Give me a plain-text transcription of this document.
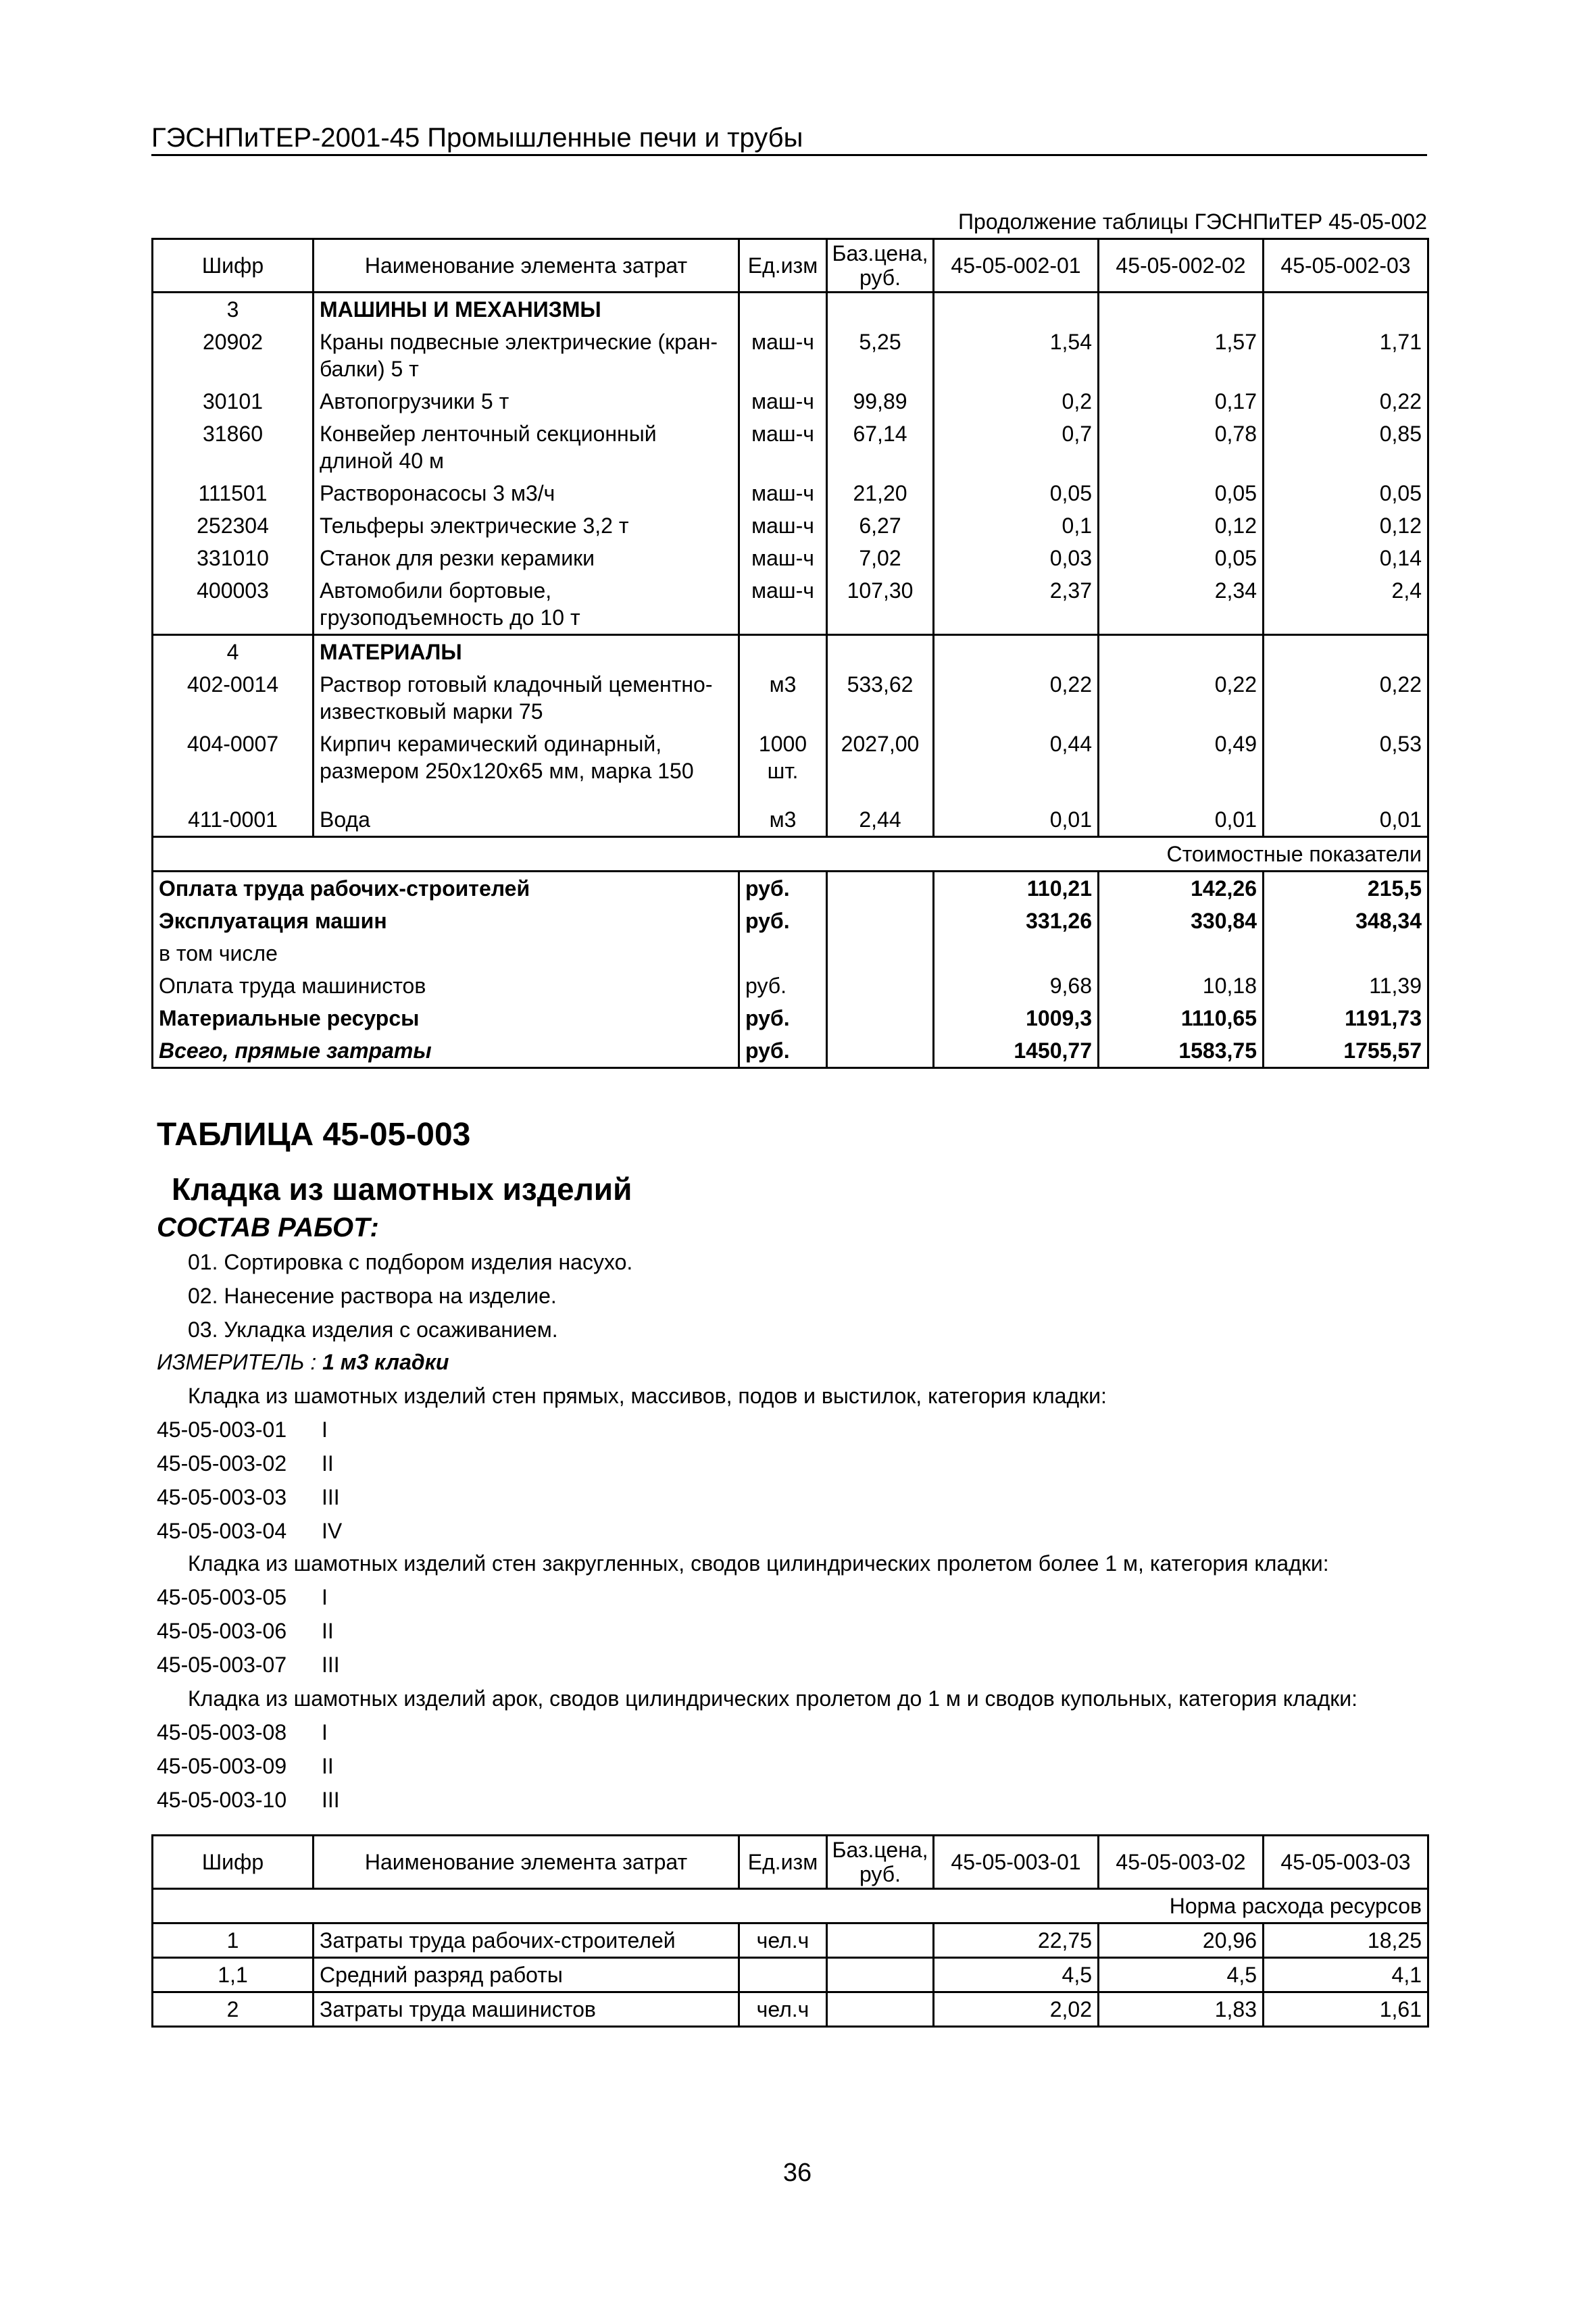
ГЭСНПиТЕР-2001-45 Промышленные печи и трубы
Продолжение таблицы ГЭСНПиТЕР 45-05-002
Шифр	Наименование элемента затрат	Ед.изм	Баз.цена, руб.	45-05-002-01	45-05-002-02	45-05-002-03
3	МАШИНЫ И МЕХАНИЗМЫ					
20902	Краны подвесные электрические (кран-балки) 5 т	маш-ч	5,25	1,54	1,57	1,71
30101	Автопогрузчики 5 т	маш-ч	99,89	0,2	0,17	0,22
31860	Конвейер ленточный секционный длиной 40 м	маш-ч	67,14	0,7	0,78	0,85
111501	Растворонасосы 3 м3/ч	маш-ч	21,20	0,05	0,05	0,05
252304	Тельферы электрические 3,2 т	маш-ч	6,27	0,1	0,12	0,12
331010	Станок для резки керамики	маш-ч	7,02	0,03	0,05	0,14
400003	Автомобили бортовые, грузоподъемность до 10 т	маш-ч	107,30	2,37	2,34	2,4
4	МАТЕРИАЛЫ					
402-0014	Раствор готовый кладочный цементно-известковый марки 75	м3	533,62	0,22	0,22	0,22
404-0007	Кирпич керамический одинарный, размером 250х120х65 мм, марка 150	1000 шт.	2027,00	0,44	0,49	0,53
411-0001	Вода	м3	2,44	0,01	0,01	0,01
Стоимостные показатели						
Оплата труда рабочих-строителей		руб.		110,21	142,26	215,5
Эксплуатация машин		руб.		331,26	330,84	348,34
в том числе						
Оплата труда машинистов		руб.		9,68	10,18	11,39
Материальные ресурсы		руб.		1009,3	1110,65	1191,73
Всего, прямые затраты		руб.		1450,77	1583,75	1755,57
ТАБЛИЦА 45-05-003
Кладка из шамотных изделий
СОСТАВ РАБОТ:
01. Сортировка с подбором изделия насухо.
02. Нанесение раствора на изделие.
03. Укладка изделия с осаживанием.
ИЗМЕРИТЕЛЬ : 1 м3 кладки
Кладка из шамотных изделий стен прямых, массивов, подов и выстилок, категория кладки:
45-05-003-01 I
45-05-003-02 II
45-05-003-03 III
45-05-003-04 IV
Кладка из шамотных изделий стен закругленных, сводов цилиндрических пролетом более 1 м, категория кладки:
45-05-003-05 I
45-05-003-06 II
45-05-003-07 III
Кладка из шамотных изделий арок, сводов цилиндрических пролетом до 1 м и сводов купольных, категория кладки:
45-05-003-08 I
45-05-003-09 II
45-05-003-10 III
Шифр	Наименование элемента затрат	Ед.изм	Баз.цена, руб.	45-05-003-01	45-05-003-02	45-05-003-03
Норма расхода ресурсов						
1	Затраты труда рабочих-строителей	чел.ч		22,75	20,96	18,25
1,1	Средний разряд работы			4,5	4,5	4,1
2	Затраты труда машинистов	чел.ч		2,02	1,83	1,61
36
